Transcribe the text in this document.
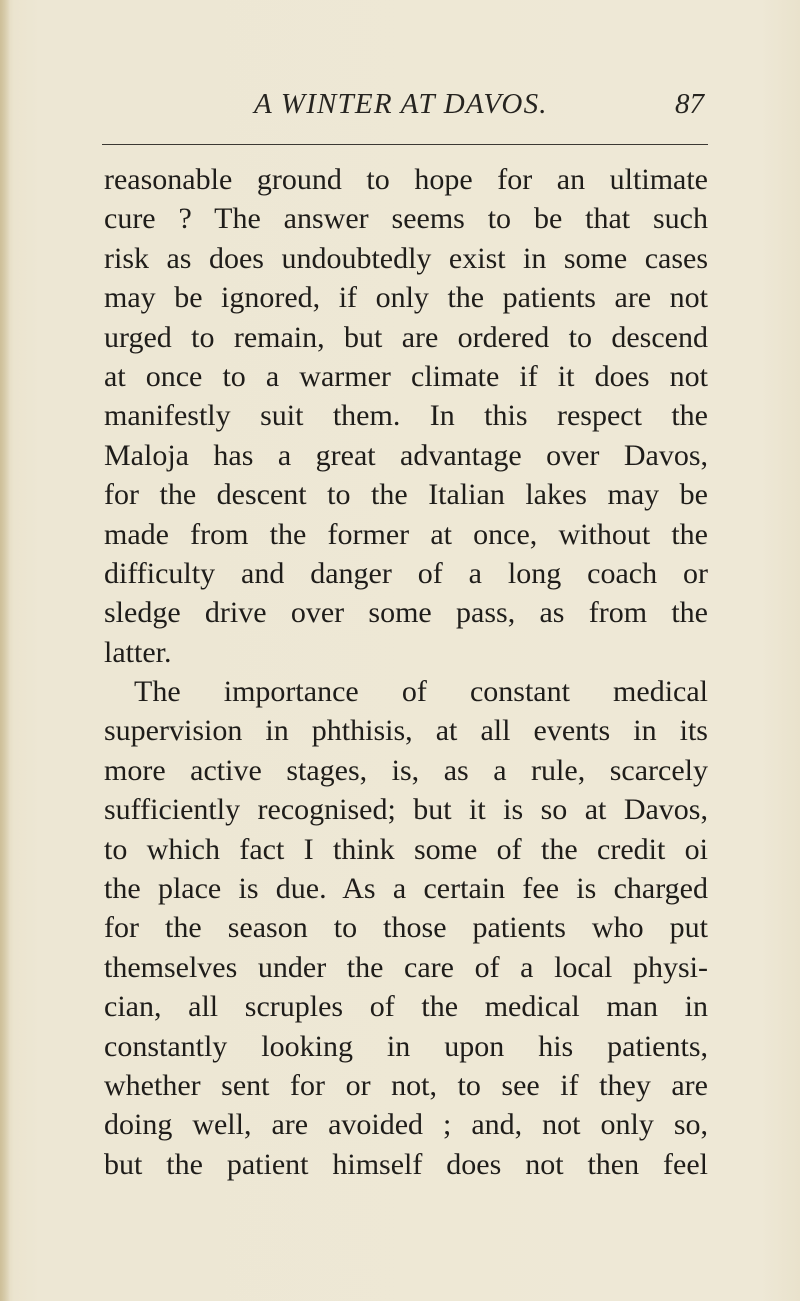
A WINTER AT DAVOS.	87
reasonable ground to hope for an ultimate
cure ? The answer seems to be that such
risk as does undoubtedly exist in some cases
may be ignored, if only the patients are not
urged to remain, but are ordered to descend
at once to a warmer climate if it does not
manifestly suit them. In this respect the
Maloja has a great advantage over Davos,
for the descent to the Italian lakes may be
made from the former at once, without the
difficulty and danger of a long coach or
sledge drive over some pass, as from the
latter.
The importance of constant medical
supervision in phthisis, at all events in its
more active stages, is, as a rule, scarcely
sufficiently recognised; but it is so at Davos,
to which fact I think some of the credit oi
the place is due. As a certain fee is charged
for the season to those patients who put
themselves under the care of a local physi-
cian, all scruples of the medical man in
constantly looking in upon his patients,
whether sent for or not, to see if they are
doing well, are avoided ; and, not only so,
but the patient himself does not then feel
